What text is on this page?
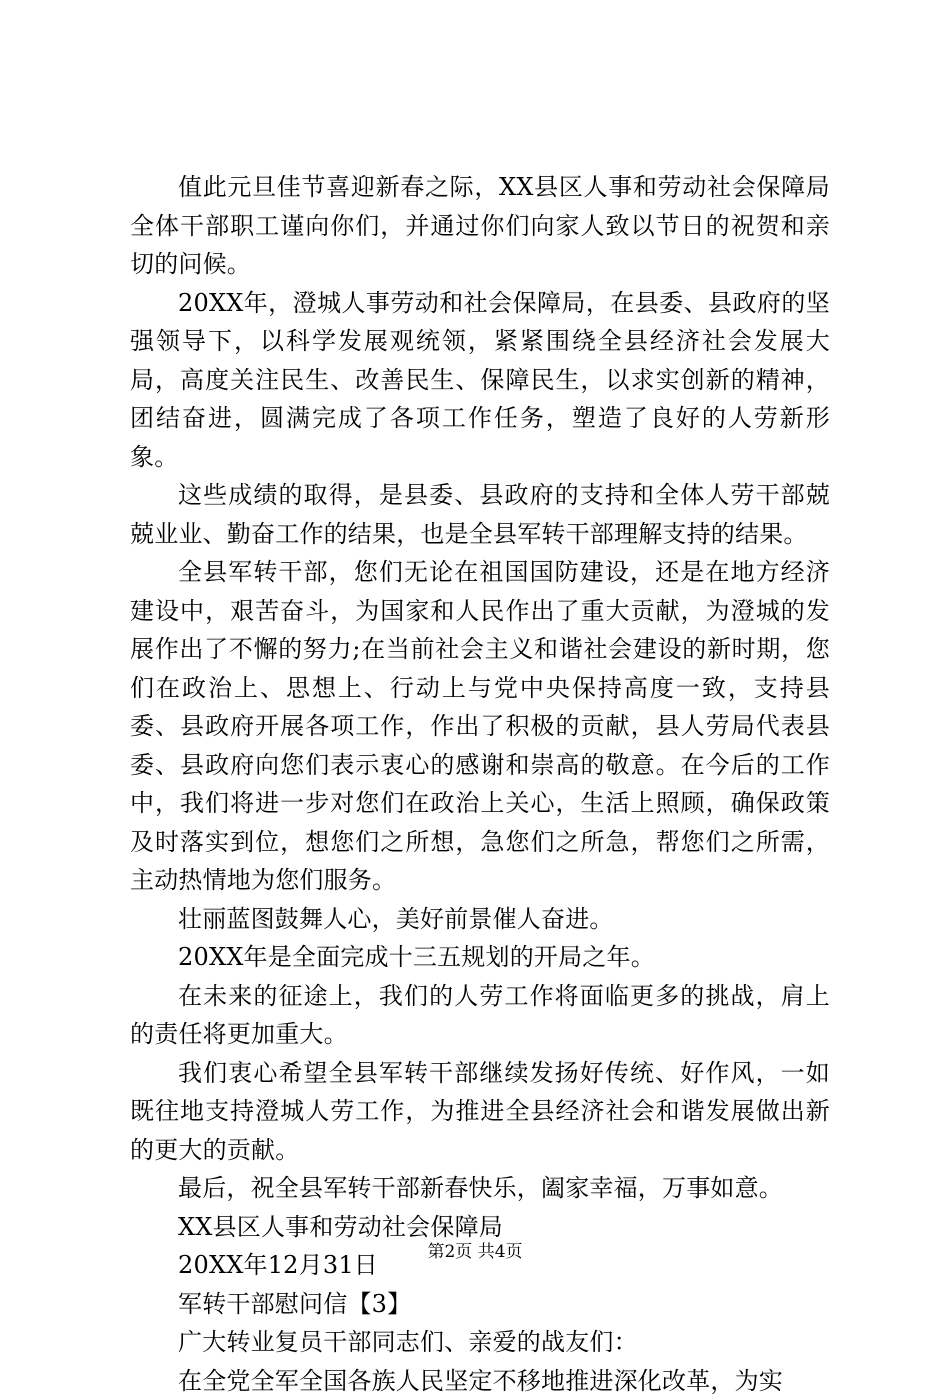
值此元旦佳节喜迎新春之际，XX县区人事和劳动社会保障局全体干部职工谨向你们，并通过你们向家人致以节日的祝贺和亲切的问候。

20XX年，澄城人事劳动和社会保障局，在县委、县政府的坚强领导下，以科学发展观统领，紧紧围绕全县经济社会发展大局，高度关注民生、改善民生、保障民生，以求实创新的精神，团结奋进，圆满完成了各项工作任务，塑造了良好的人劳新形象。

这些成绩的取得，是县委、县政府的支持和全体人劳干部兢兢业业、勤奋工作的结果，也是全县军转干部理解支持的结果。

全县军转干部，您们无论在祖国国防建设，还是在地方经济建设中，艰苦奋斗，为国家和人民作出了重大贡献，为澄城的发展作出了不懈的努力;在当前社会主义和谐社会建设的新时期，您们在政治上、思想上、行动上与党中央保持高度一致，支持县委、县政府开展各项工作，作出了积极的贡献，县人劳局代表县委、县政府向您们表示衷心的感谢和崇高的敬意。在今后的工作中，我们将进一步对您们在政治上关心，生活上照顾，确保政策及时落实到位，想您们之所想，急您们之所急，帮您们之所需，主动热情地为您们服务。

壮丽蓝图鼓舞人心，美好前景催人奋进。

20XX年是全面完成十三五规划的开局之年。

在未来的征途上，我们的人劳工作将面临更多的挑战，肩上的责任将更加重大。

我们衷心希望全县军转干部继续发扬好传统、好作风，一如既往地支持澄城人劳工作，为推进全县经济社会和谐发展做出新的更大的贡献。

最后，祝全县军转干部新春快乐，阖家幸福，万事如意。

XX县区人事和劳动社会保障局

20XX年12月31日

军转干部慰问信【3】

广大转业复员干部同志们、亲爱的战友们：

在全党全军全国各族人民坚定不移地推进深化改革，为实

第2页 共4页
